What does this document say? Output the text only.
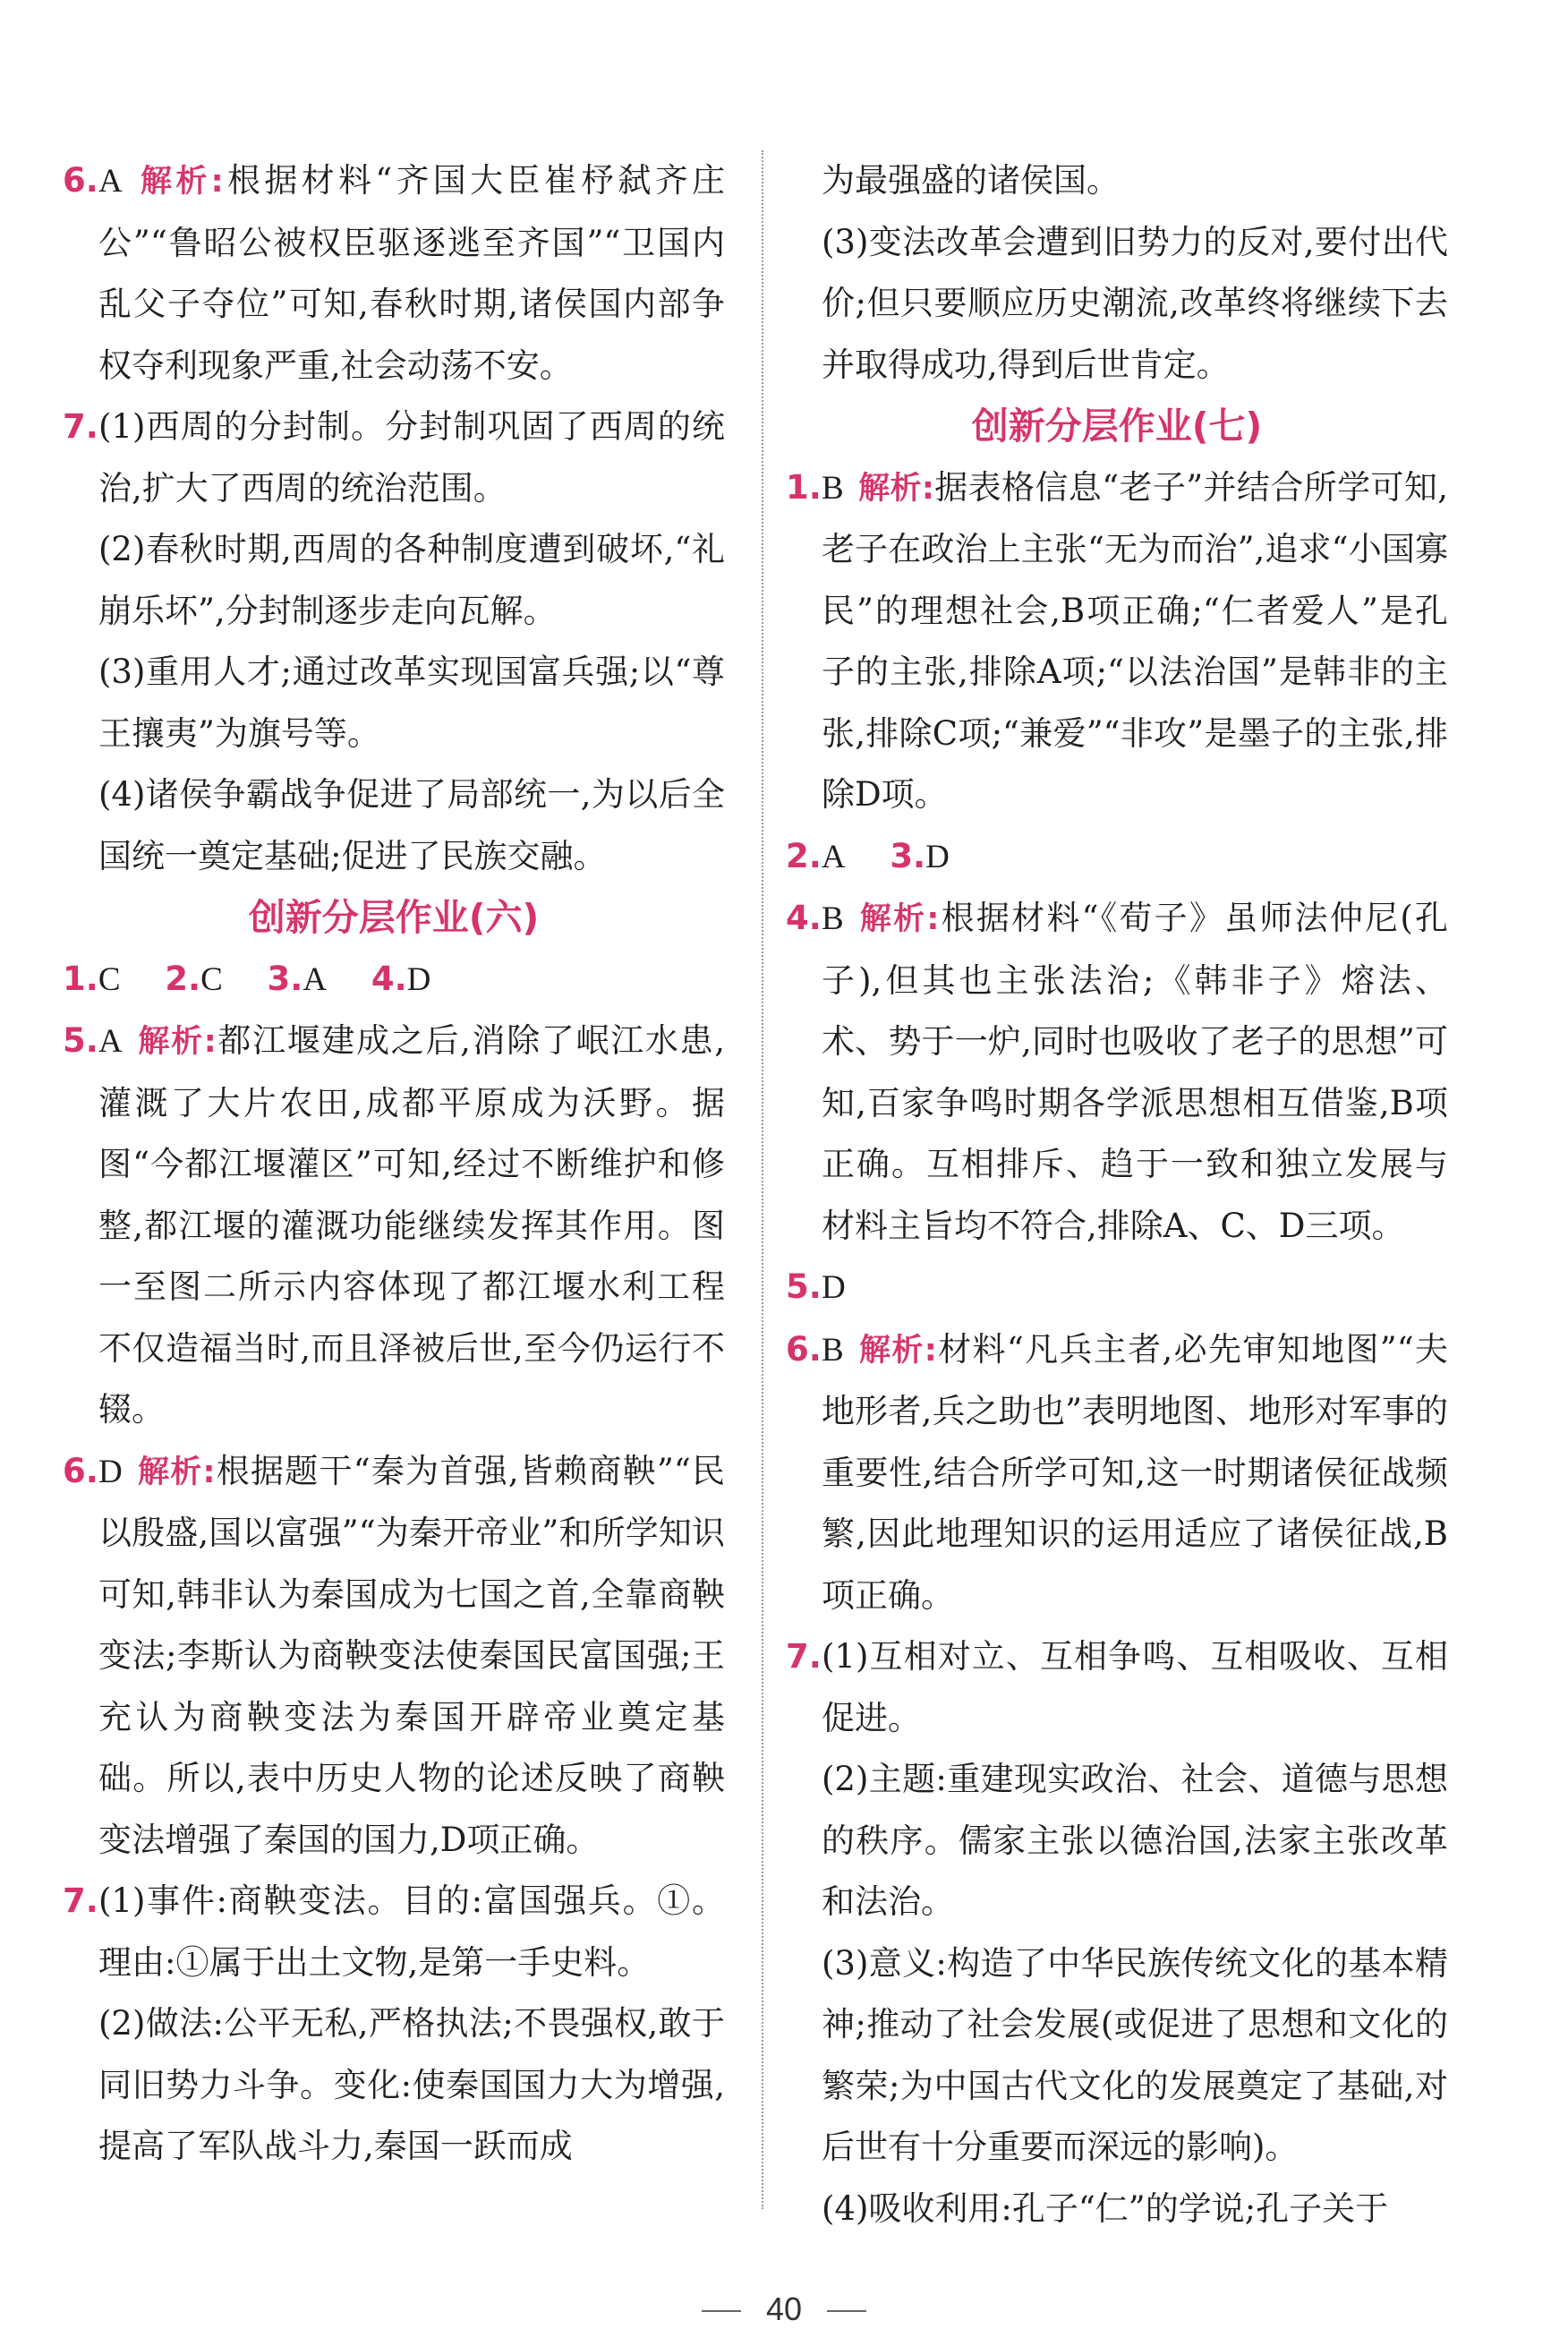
6. A 解析:根据材料“齐国大臣崔杼弑齐庄公”“鲁昭公被权臣驱逐逃至齐国”“卫国内乱父子夺位”可知,春秋时期,诸侯国内部争权夺利现象严重,社会动荡不安。
7. (1)西周的分封制。分封制巩固了西周的统治,扩大了西周的统治范围。
(2)春秋时期,西周的各种制度遭到破坏,“礼崩乐坏”,分封制逐步走向瓦解。
(3)重用人才;通过改革实现国富兵强;以“尊王攘夷”为旗号等。
(4)诸侯争霸战争促进了局部统一,为以后全国统一奠定基础;促进了民族交融。
创新分层作业(六)
1.C 2.C 3.A 4.D
5. A 解析:都江堰建成之后,消除了岷江水患,灌溉了大片农田,成都平原成为沃野。据图“今都江堰灌区”可知,经过不断维护和修整,都江堰的灌溉功能继续发挥其作用。图一至图二所示内容体现了都江堰水利工程不仅造福当时,而且泽被后世,至今仍运行不辍。
6. D 解析:根据题干“秦为首强,皆赖商鞅”“民以殷盛,国以富强”“为秦开帝业”和所学知识可知,韩非认为秦国成为七国之首,全靠商鞅变法;李斯认为商鞅变法使秦国民富国强;王充认为商鞅变法为秦国开辟帝业奠定基础。所以,表中历史人物的论述反映了商鞅变法增强了秦国的国力,D项正确。
7. (1)事件:商鞅变法。目的:富国强兵。①。理由:①属于出土文物,是第一手史料。
(2)做法:公平无私,严格执法;不畏强权,敢于同旧势力斗争。变化:使秦国国力大为增强,提高了军队战斗力,秦国一跃而成
为最强盛的诸侯国。
(3)变法改革会遭到旧势力的反对,要付出代价;但只要顺应历史潮流,改革终将继续下去并取得成功,得到后世肯定。
创新分层作业(七)
1. B 解析:据表格信息“老子”并结合所学可知,老子在政治上主张“无为而治”,追求“小国寡民”的理想社会,B项正确;“仁者爱人”是孔子的主张,排除A项;“以法治国”是韩非的主张,排除C项;“兼爱”“非攻”是墨子的主张,排除D项。
2.A 3.D
4. B 解析:根据材料“《荀子》虽师法仲尼(孔子),但其也主张法治;《韩非子》熔法、术、势于一炉,同时也吸收了老子的思想”可知,百家争鸣时期各学派思想相互借鉴,B项正确。互相排斥、趋于一致和独立发展与材料主旨均不符合,排除A、C、D三项。
5. D
6. B 解析:材料“凡兵主者,必先审知地图”“夫地形者,兵之助也”表明地图、地形对军事的重要性,结合所学可知,这一时期诸侯征战频繁,因此地理知识的运用适应了诸侯征战,B项正确。
7. (1)互相对立、互相争鸣、互相吸收、互相促进。
(2)主题:重建现实政治、社会、道德与思想的秩序。儒家主张以德治国,法家主张改革和法治。
(3)意义:构造了中华民族传统文化的基本精神;推动了社会发展(或促进了思想和文化的繁荣;为中国古代文化的发展奠定了基础,对后世有十分重要而深远的影响)。
(4)吸收利用:孔子“仁”的学说;孔子关于
40
